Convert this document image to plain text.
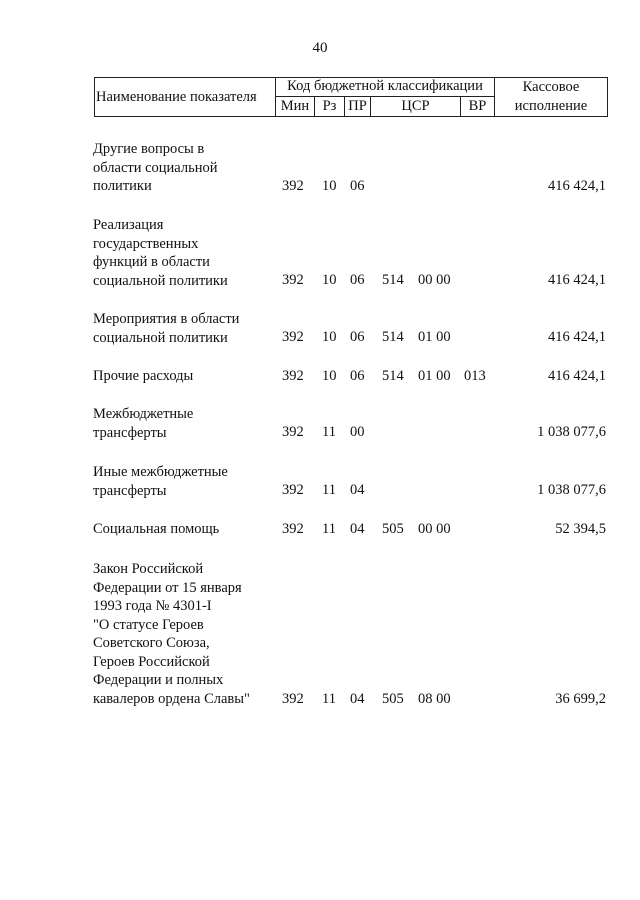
40
Наименование показателя
Код бюджетной классификации
Мин Рз ПР	ЦСР	ВР
Кассовое
исполнение
Другие вопросы в
области социальной
политики	392 10 06	416 424,1
Реализация
государственных
функций в области
социальной политики	392 10 06 514 00 00	416 424,1
Мероприятия в области
социальной политики	392 10 06 514 01 00	416 424,1
Прочие расходы	392 10 06 514 01 00 013	416 424,1
Межбюджетные
трансферты	392 11 00	1 038 077,6
Иные межбюджетные
трансферты	392 11 04	1 038 077,6
Социальная помощь	392 11 04 505 00 00	52 394,5
Закон Российской
Федерации от 15 января
1993 года № 4301-I
"О статусе Героев
Советского Союза,
Героев Российской
Федерации и полных
кавалеров ордена Славы"	392 11 04 505 08 00	36 699,2
